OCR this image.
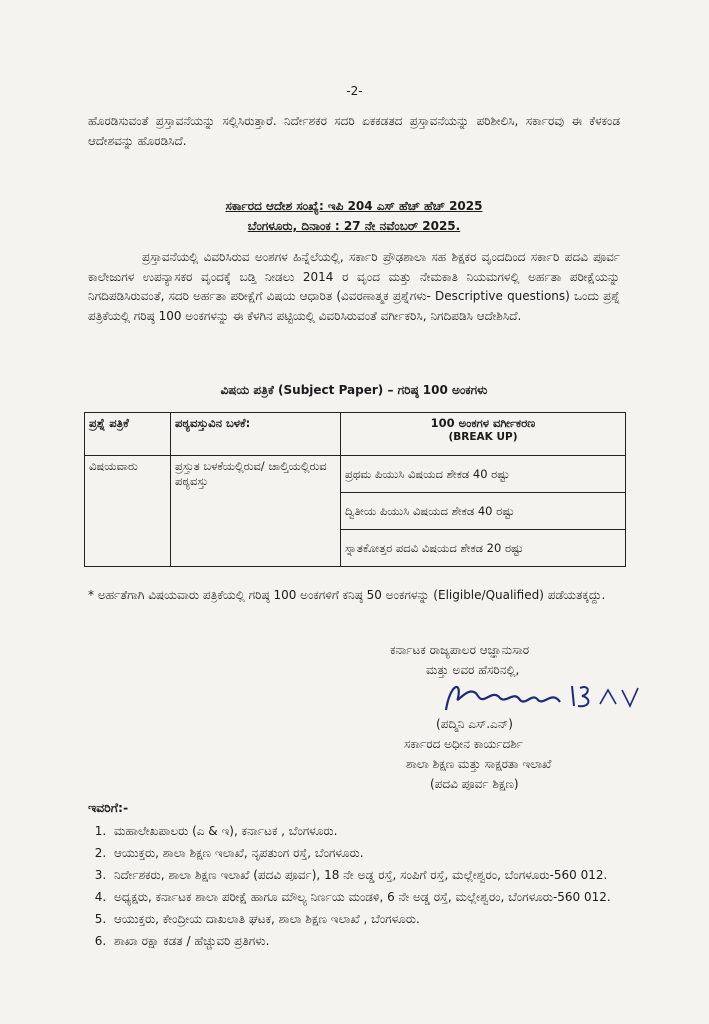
-2-
ಹೊರಡಿಸುವಂತೆ ಪ್ರಸ್ತಾವನೆಯನ್ನು ಸಲ್ಲಿಸಿರುತ್ತಾರೆ. ನಿರ್ದೇಶಕರ ಸದರಿ ಏಕಕಡತದ ಪ್ರಸ್ತಾವನೆಯನ್ನು ಪರಿಶೀಲಿಸಿ, ಸರ್ಕಾರವು ಈ ಕೆಳಕಂಡ ಆದೇಶವನ್ನು ಹೊರಡಿಸಿದೆ.
ಸರ್ಕಾರದ ಆದೇಶ ಸಂಖ್ಯೆ: ಇಪಿ 204 ಎಸ್ ಹೆಚ್ ಹೆಚ್ 2025
ಬೆಂಗಳೂರು, ದಿನಾಂಕ : 27 ನೇ ನವೆಂಬರ್ 2025.
ಪ್ರಸ್ತಾವನೆಯಲ್ಲಿ ವಿವರಿಸಿರುವ ಅಂಶಗಳ ಹಿನ್ನೆಲೆಯಲ್ಲಿ, ಸರ್ಕಾರಿ ಪ್ರೌಢಶಾಲಾ ಸಹ ಶಿಕ್ಷಕರ ವೃಂದದಿಂದ ಸರ್ಕಾರಿ ಪದವಿ ಪೂರ್ವ ಕಾಲೇಜುಗಳ ಉಪನ್ಯಾಸಕರ ವೃಂದಕ್ಕೆ ಬಡ್ತಿ ನೀಡಲು 2014 ರ ವೃಂದ ಮತ್ತು ನೇಮಕಾತಿ ನಿಯಮಗಳಲ್ಲಿ ಅರ್ಹತಾ ಪರೀಕ್ಷೆಯನ್ನು ನಿಗದಿಪಡಿಸಿರುವಂತೆ, ಸದರಿ ಅರ್ಹತಾ ಪರೀಕ್ಷೆಗೆ ವಿಷಯ ಆಧಾರಿತ (ವಿವರಣಾತ್ಮಕ ಪ್ರಶ್ನೆಗಳು- Descriptive questions) ಒಂದು ಪ್ರಶ್ನೆ ಪತ್ರಿಕೆಯಲ್ಲಿ ಗರಿಷ್ಠ 100 ಅಂಕಗಳನ್ನು ಈ ಕೆಳಗಿನ ಪಟ್ಟಿಯಲ್ಲಿ ವಿವರಿಸಿರುವಂತೆ ವರ್ಗೀಕರಿಸಿ, ನಿಗದಿಪಡಿಸಿ ಆದೇಶಿಸಿದೆ.
ವಿಷಯ ಪತ್ರಿಕೆ (Subject Paper) – ಗರಿಷ್ಠ 100 ಅಂಕಗಳು
ಪ್ರಶ್ನೆ ಪತ್ರಿಕೆ	ಪಠ್ಯವಸ್ತುವಿನ ಬಳಕೆ:	100 ಅಂಕಗಳ ವರ್ಗೀಕರಣ
(BREAK UP)

ವಿಷಯವಾರು	ಪ್ರಸ್ತುತ ಬಳಕೆಯಲ್ಲಿರುವ/ ಚಾಲ್ತಿಯಲ್ಲಿರುವ ಪಠ್ಯವಸ್ತು	ಪ್ರಥಮ ಪಿಯುಸಿ ವಿಷಯದ ಶೇಕಡ 40 ರಷ್ಟು
		ದ್ವಿತೀಯ ಪಿಯುಸಿ ವಿಷಯದ ಶೇಕಡ 40 ರಷ್ಟು
		ಸ್ನಾತಕೋತ್ತರ ಪದವಿ ವಿಷಯದ ಶೇಕಡ 20 ರಷ್ಟು
* ಅರ್ಹತೆಗಾಗಿ ವಿಷಯವಾರು ಪತ್ರಿಕೆಯಲ್ಲಿ ಗರಿಷ್ಠ 100 ಅಂಕಗಳಿಗೆ ಕನಿಷ್ಠ 50 ಅಂಕಗಳನ್ನು (Eligible/Qualified) ಪಡೆಯತಕ್ಕದ್ದು.
ಕರ್ನಾಟಕ ರಾಜ್ಯಪಾಲರ ಆಜ್ಞಾನುಸಾರ
ಮತ್ತು ಅವರ ಹೆಸರಿನಲ್ಲಿ,
(ಪದ್ಮಿನಿ ಎಸ್.ಎನ್)
ಸರ್ಕಾರದ ಅಧೀನ ಕಾರ್ಯದರ್ಶಿ
ಶಾಲಾ ಶಿಕ್ಷಣ ಮತ್ತು ಸಾಕ್ಷರತಾ ಇಲಾಖೆ
(ಪದವಿ ಪೂರ್ವ ಶಿಕ್ಷಣ)
ಇವರಿಗೆ:-
1. ಮಹಾಲೇಖಪಾಲರು (ಎ & ಇ), ಕರ್ನಾಟಕ , ಬೆಂಗಳೂರು.
2. ಆಯುಕ್ತರು, ಶಾಲಾ ಶಿಕ್ಷಣ ಇಲಾಖೆ, ನೃಪತುಂಗ ರಸ್ತೆ, ಬೆಂಗಳೂರು.
3. ನಿರ್ದೇಶಕರು, ಶಾಲಾ ಶಿಕ್ಷಣ ಇಲಾಖೆ (ಪದವಿ ಪೂರ್ವ), 18 ನೇ ಅಡ್ಡ ರಸ್ತೆ, ಸಂಪಿಗೆ ರಸ್ತೆ, ಮಲ್ಲೇಶ್ವರಂ, ಬೆಂಗಳೂರು-560 012.
4. ಅಧ್ಯಕ್ಷರು, ಕರ್ನಾಟಕ ಶಾಲಾ ಪರೀಕ್ಷೆ ಹಾಗೂ ಮೌಲ್ಯ ನಿರ್ಣಯ ಮಂಡಳಿ, 6 ನೇ ಅಡ್ಡ ರಸ್ತೆ, ಮಲ್ಲೇಶ್ವರಂ, ಬೆಂಗಳೂರು-560 012.
5. ಆಯುಕ್ತರು, ಕೇಂದ್ರೀಯ ದಾಖಲಾತಿ ಘಟಕ, ಶಾಲಾ ಶಿಕ್ಷಣ ಇಲಾಖೆ , ಬೆಂಗಳೂರು.
6. ಶಾಖಾ ರಕ್ಷಾ ಕಡತ / ಹೆಚ್ಚುವರಿ ಪ್ರತಿಗಳು.
